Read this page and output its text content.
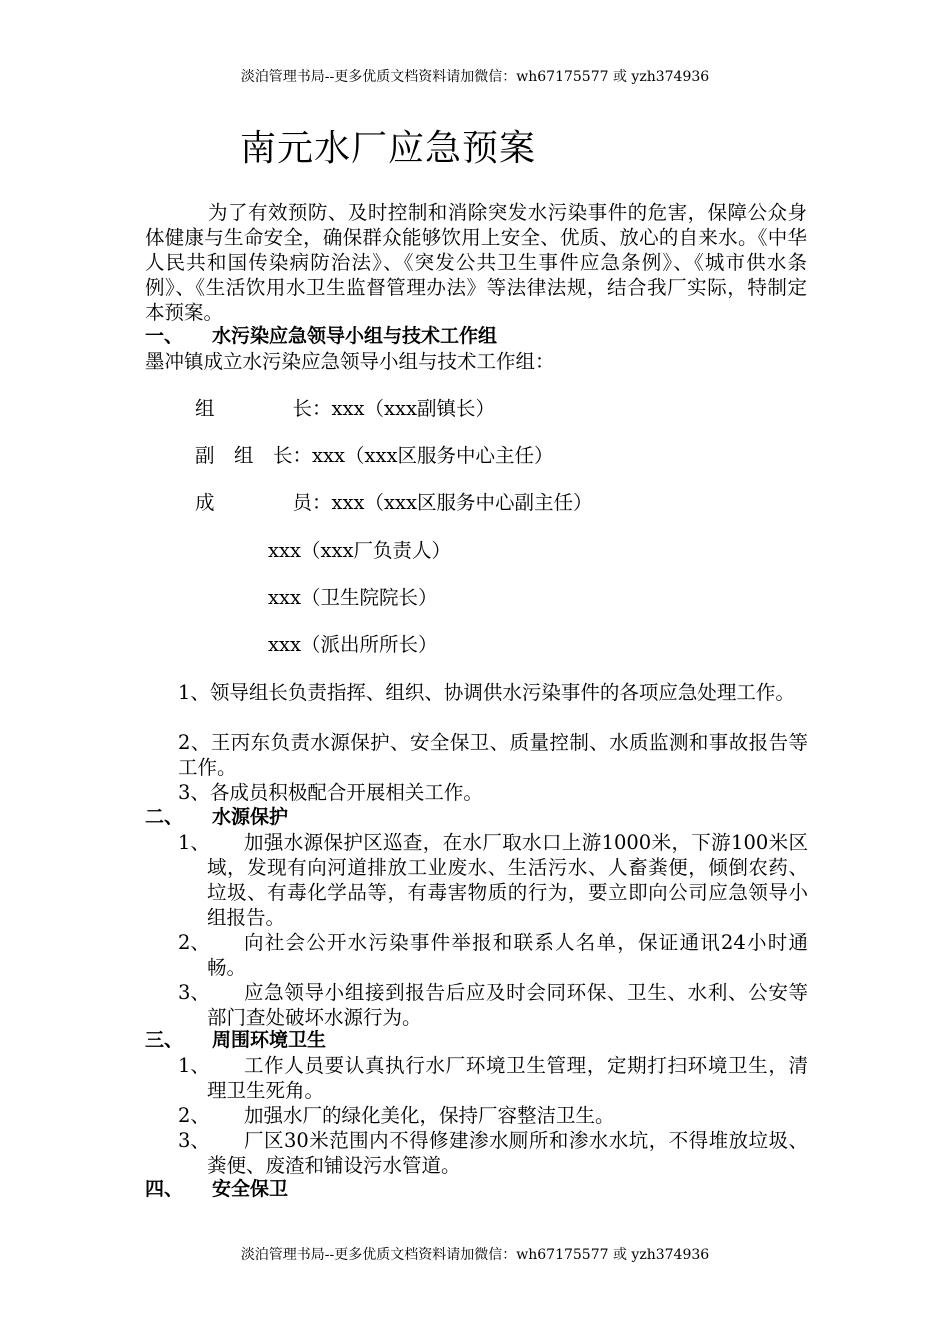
淡泊管理书局--更多优质文档资料请加微信：wh67175577 或 yzh374936
南元水厂应急预案
为了有效预防、及时控制和消除突发水污染事件的危害，保障公众身体健康与生命安全，确保群众能够饮用上安全、优质、放心的自来水。《中华人民共和国传染病防治法》、《突发公共卫生事件应急条例》、《城市供水条例》、《生活饮用水卫生监督管理办法》等法律法规，结合我厂实际，特制定本预案。
一、 水污染应急领导小组与技术工作组
墨冲镇成立水污染应急领导小组与技术工作组：
组　　　　长：xxx（xxx副镇长）
副　组　长：xxx（xxx区服务中心主任）
成　　　　员：xxx（xxx区服务中心副主任）
xxx（xxx厂负责人）
xxx（卫生院院长）
xxx（派出所所长）
1、领导组长负责指挥、组织、协调供水污染事件的各项应急处理工作。
2、王丙东负责水源保护、安全保卫、质量控制、水质监测和事故报告等工作。
3、各成员积极配合开展相关工作。
二、 水源保护
1、	加强水源保护区巡查，在水厂取水口上游1000米，下游100米区域，发现有向河道排放工业废水、生活污水、人畜粪便，倾倒农药、垃圾、有毒化学品等，有毒害物质的行为，要立即向公司应急领导小组报告。
2、	向社会公开水污染事件举报和联系人名单，保证通讯24小时通畅。
3、	应急领导小组接到报告后应及时会同环保、卫生、水利、公安等部门查处破坏水源行为。
三、 周围环境卫生
1、	工作人员要认真执行水厂环境卫生管理，定期打扫环境卫生，清理卫生死角。
2、	加强水厂的绿化美化，保持厂容整洁卫生。
3、	厂区30米范围内不得修建渗水厕所和渗水水坑，不得堆放垃圾、粪便、废渣和铺设污水管道。
四、 安全保卫
淡泊管理书局--更多优质文档资料请加微信：wh67175577 或 yzh374936
